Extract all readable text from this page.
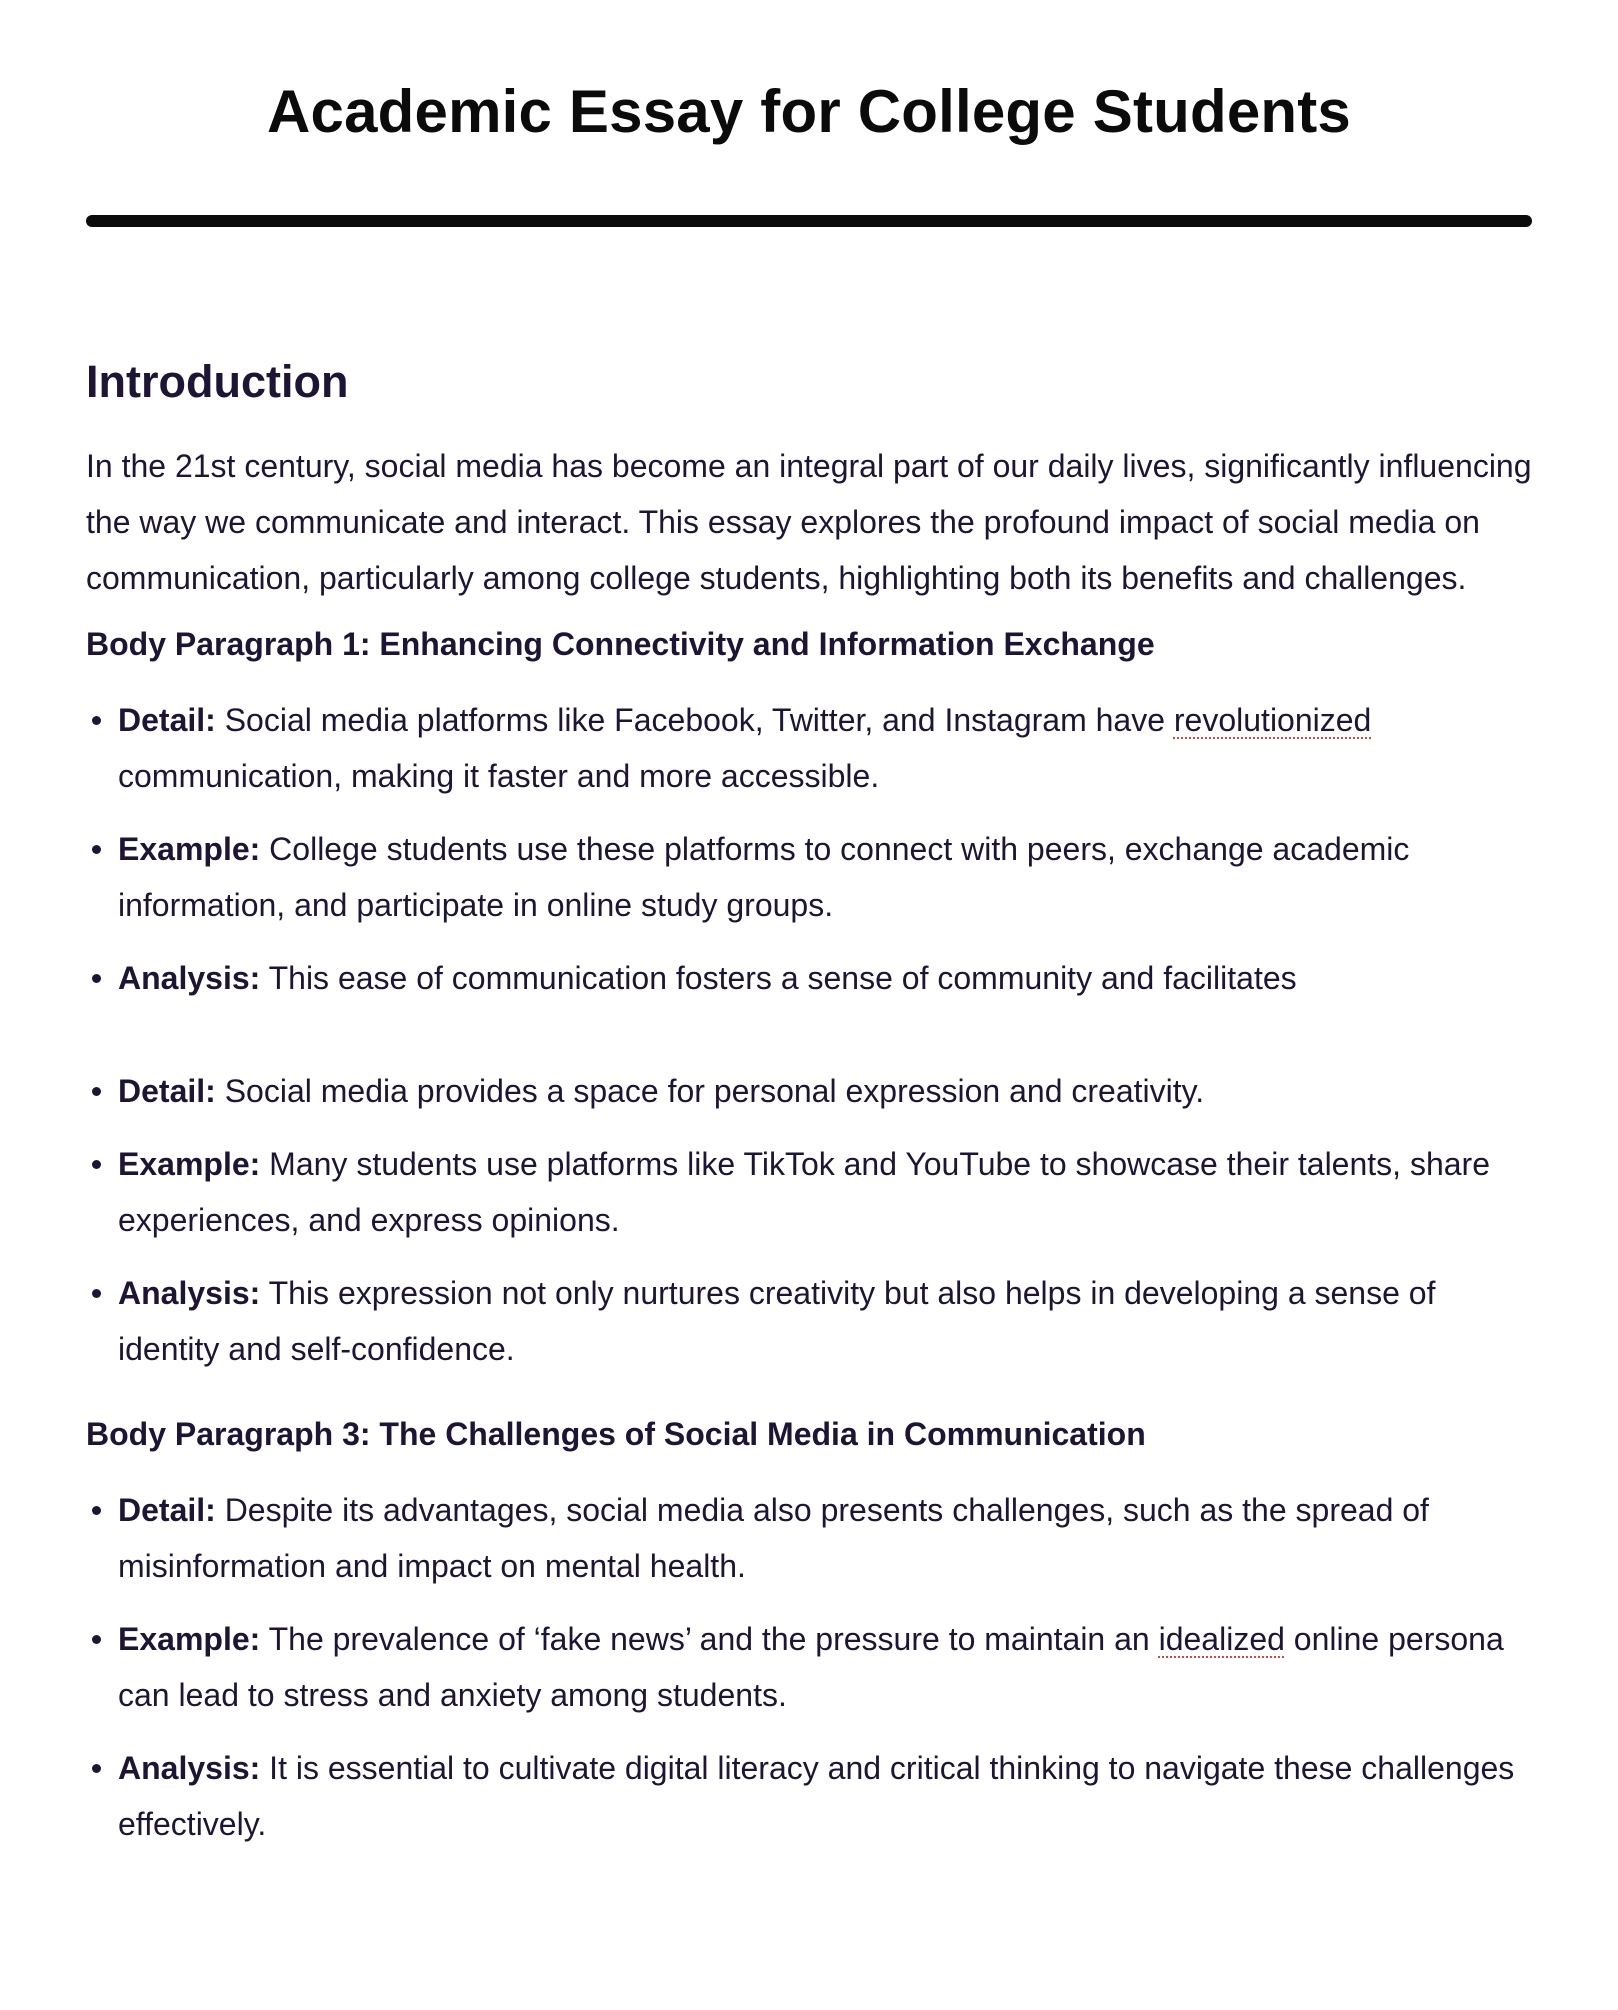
Academic Essay for College Students
Introduction

In the 21st century, social media has become an integral part of our daily lives, significantly influencing the way we communicate and interact. This essay explores the profound impact of social media on communication, particularly among college students, highlighting both its benefits and challenges.

Body Paragraph 1: Enhancing Connectivity and Information Exchange
Detail: Social media platforms like Facebook, Twitter, and Instagram have revolutionized communication, making it faster and more accessible.
Example: College students use these platforms to connect with peers, exchange academic information, and participate in online study groups.
Analysis: This ease of communication fosters a sense of community and facilitates
Detail: Social media provides a space for personal expression and creativity.
Example: Many students use platforms like TikTok and YouTube to showcase their talents, share experiences, and express opinions.
Analysis: This expression not only nurtures creativity but also helps in developing a sense of identity and self-confidence.
Body Paragraph 3: The Challenges of Social Media in Communication
Detail: Despite its advantages, social media also presents challenges, such as the spread of misinformation and impact on mental health.
Example: The prevalence of ‘fake news’ and the pressure to maintain an idealized online persona can lead to stress and anxiety among students.
Analysis: It is essential to cultivate digital literacy and critical thinking to navigate these challenges effectively.
